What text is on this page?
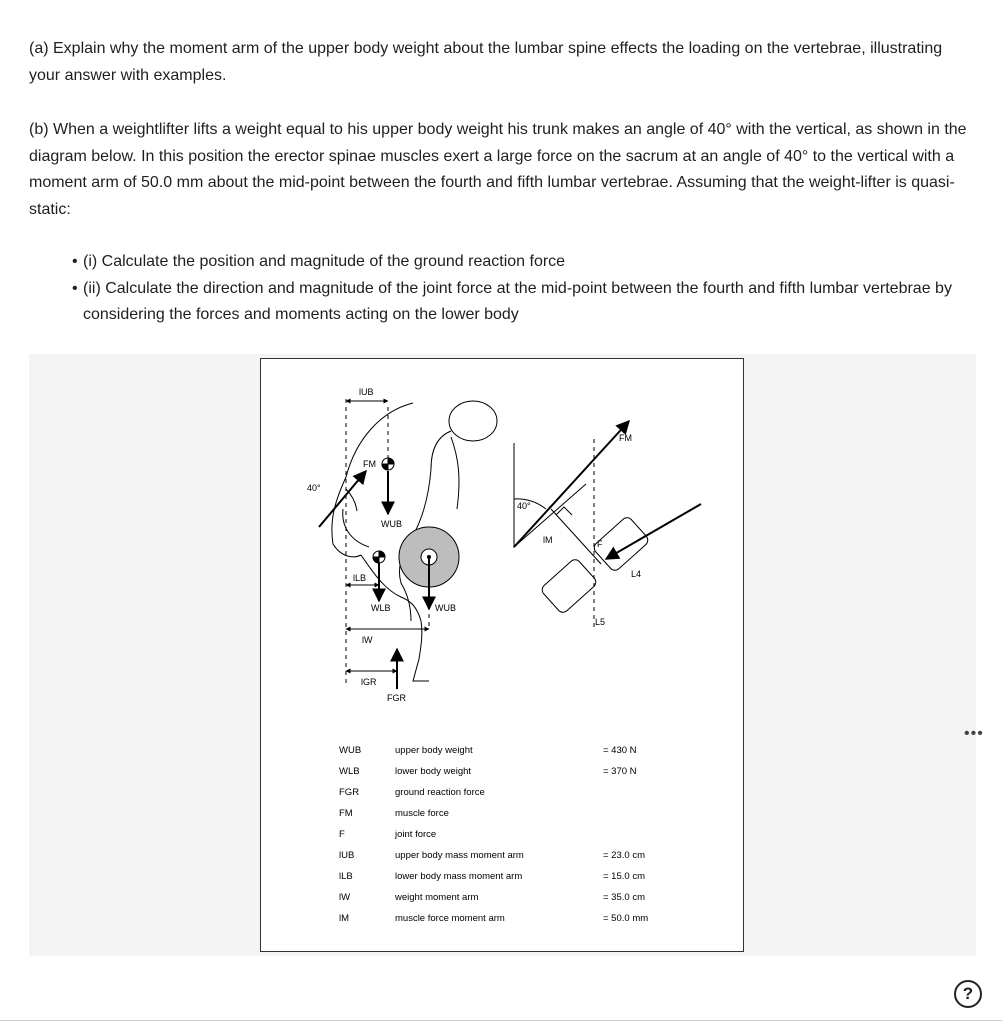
(a) Explain why the moment arm of the upper body weight about the lumbar spine effects the loading on the vertebrae, illustrating your answer with examples.

(b) When a weightlifter lifts a weight equal to his upper body weight his trunk makes an angle of 40° with the vertical, as shown in the diagram below. In this position the erector spinae muscles exert a large force on the sacrum at an angle of 40° to the vertical with a moment arm of 50.0 mm about the mid-point between the fourth and fifth lumbar vertebrae. Assuming that the weight-lifter is quasi-static:

• (i) Calculate the position and magnitude of the ground reaction force
• (ii) Calculate the direction and magnitude of the joint force at the mid-point between the fourth and fifth lumbar vertebrae by considering the forces and moments acting on the lower body
•••
lUB
FM
40°
WUB
lLB
WLB	WUB
lW
lGR
FGR
FM
40°
lM	F
L4
L5
WUB	upper body weight	= 430 N
WLB	lower body weight	= 370 N
FGR	ground reaction force
FM	muscle force
F	joint force
lUB	upper body mass moment arm	= 23.0 cm
lLB	lower body mass moment arm	= 15.0 cm
lW	weight moment arm	= 35.0 cm
lM	muscle force moment arm	= 50.0 mm
?
